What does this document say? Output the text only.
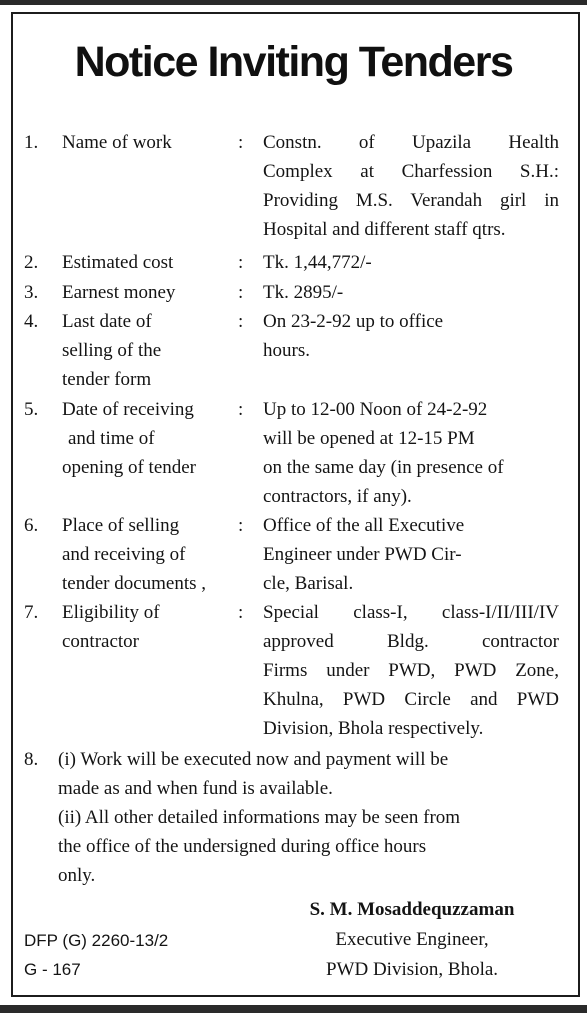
Notice Inviting Tenders
1. Name of work	: Constn. of Upazila Health
Complex at Charfession S.H.:
Providing M.S. Verandah girl in
Hospital and different staff qtrs.
2. Estimated cost	: Tk. 1,44,772/-
3. Earnest money	: Tk. 2895/-
4. Last date of
selling of the
tender form
: On 23-2-92 up to office
hours.
5. Date of receiving
and time of
opening of tender
: Up to 12-00 Noon of 24-2-92
will be opened at 12-15 PM
on the same day (in presence of
contractors, if any).
6. Place of selling
and receiving of
tender documents ,
: Office of the all Executive
Engineer under PWD Cir-
cle, Barisal.
7. Eligibility of
contractor
: Special class-I, class-I/II/III/IV
approved Bldg. contractor
Firms under PWD, PWD Zone,
Khulna, PWD Circle and PWD
Division, Bhola respectively.
8. (i) Work will be executed now and payment will be
made as and when fund is available.
(ii) All other detailed informations may be seen from
the office of the undersigned during office hours
only.
DFP (G) 2260-13/2
G - 167
S. M. Mosaddequzzaman
Executive Engineer,
PWD Division, Bhola.
